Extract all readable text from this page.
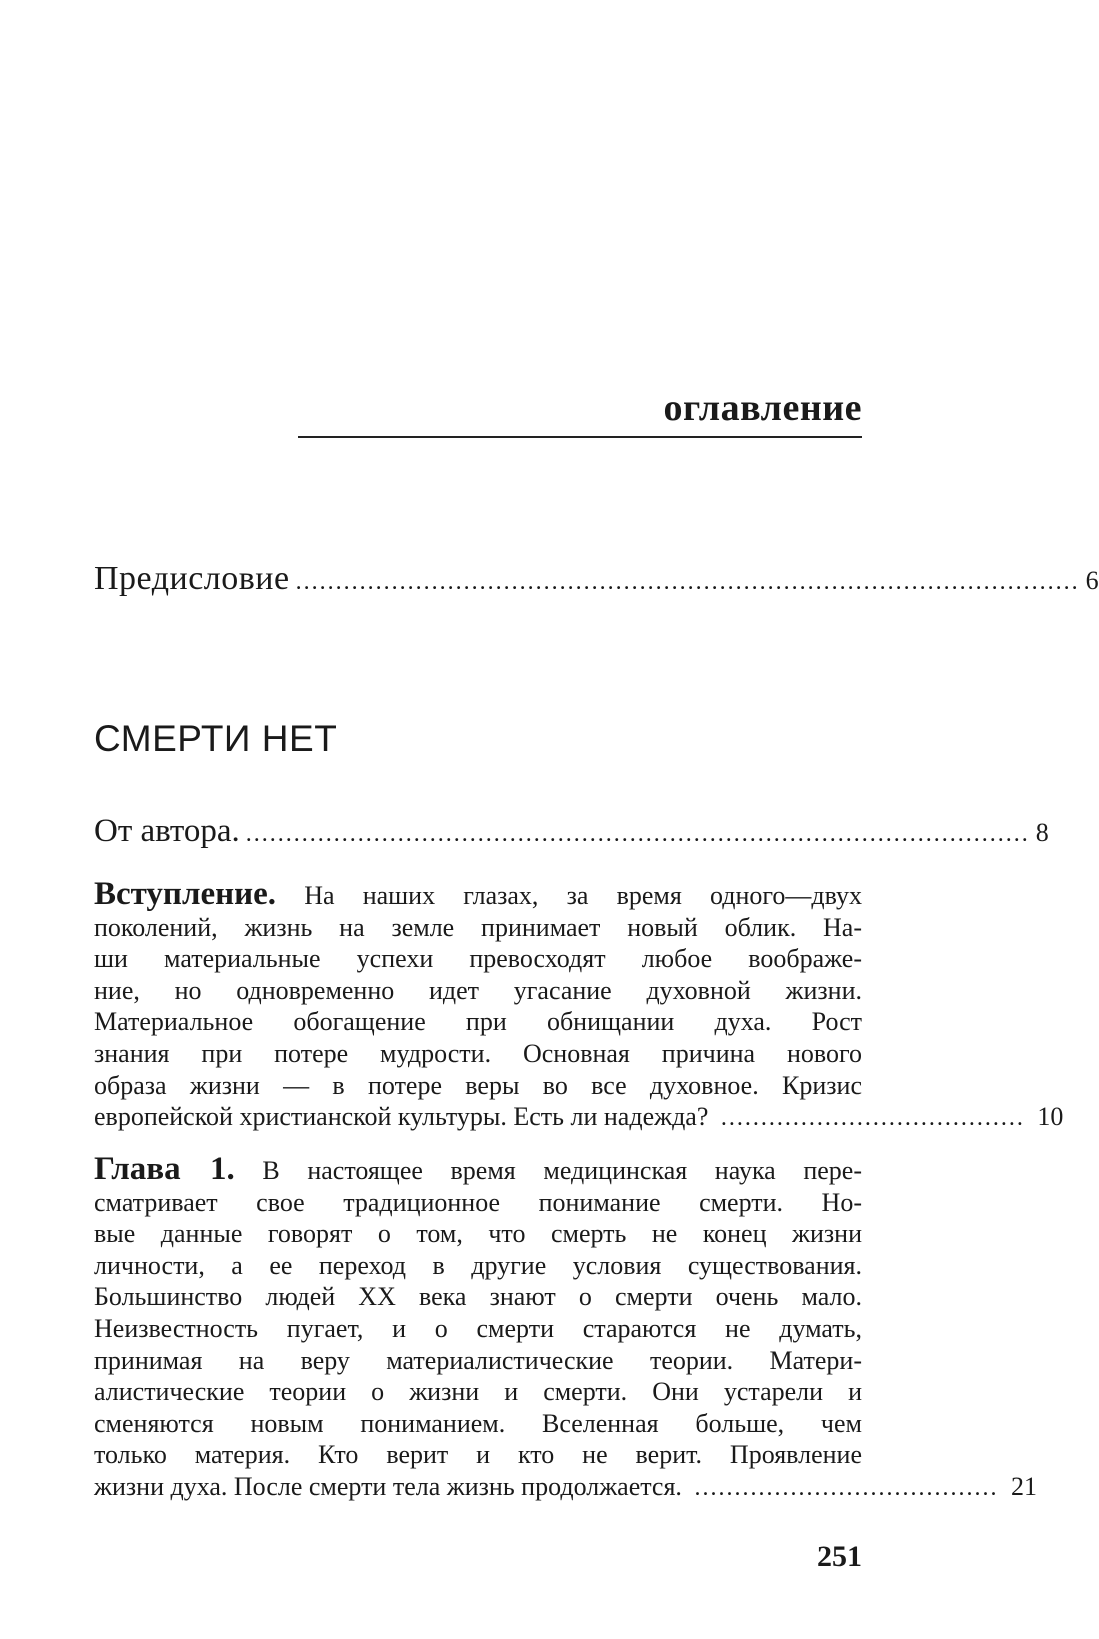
оглавление
Предисловие .................................................................................................. 6
СМЕРТИ НЕТ
От автора. .................................................................................................. 8
Вступление. На наших глазах, за время одного—двух
поколений, жизнь на земле принимает новый облик. На-
ши материальные успехи превосходят любое воображе-
ние, но одновременно идет угасание духовной жизни.
Материальное обогащение при обнищании духа. Рост
знания при потере мудрости. Основная причина нового
образа жизни — в потере веры во все духовное. Кризис
европейской христианской культуры. Есть ли надежда? ...................................... 10
Глава 1. В настоящее время медицинская наука пере-
сматривает свое традиционное понимание смерти. Но-
вые данные говорят о том, что смерть не конец жизни
личности, а ее переход в другие условия существования.
Большинство людей XX века знают о смерти очень мало.
Неизвестность пугает, и о смерти стараются не думать,
принимая на веру материалистические теории. Матери-
алистические теории о жизни и смерти. Они устарели и
сменяются новым пониманием. Вселенная больше, чем
только материя. Кто верит и кто не верит. Проявление
жизни духа. После смерти тела жизнь продолжается. ...................................... 21
251
